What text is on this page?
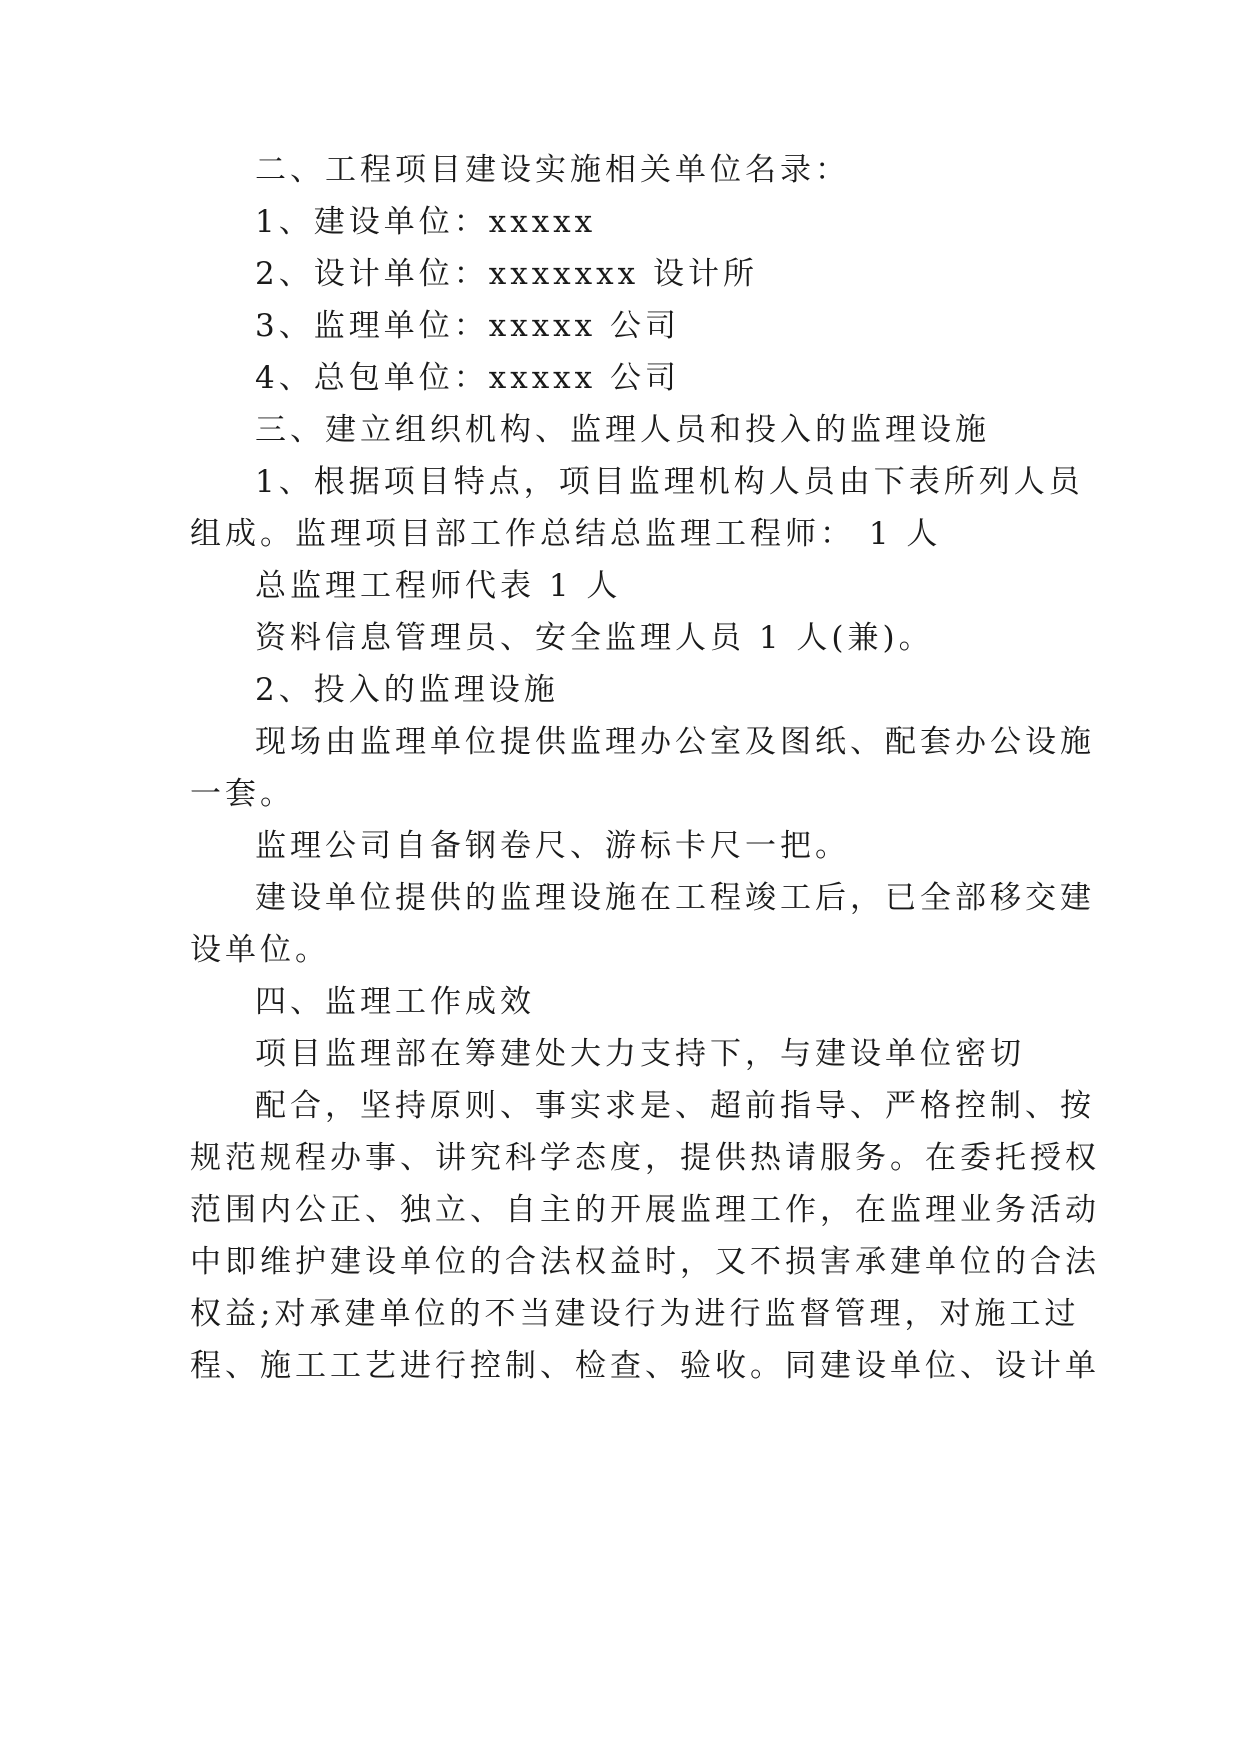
二、工程项目建设实施相关单位名录：

1、建设单位：xxxxx

2、设计单位：xxxxxxx 设计所

3、监理单位：xxxxx 公司

4、总包单位：xxxxx 公司

三、建立组织机构、监理人员和投入的监理设施

1、根据项目特点，项目监理机构人员由下表所列人员

组成。监理项目部工作总结总监理工程师： 1 人

总监理工程师代表 1 人

资料信息管理员、安全监理人员 1 人(兼)。

2、投入的监理设施

现场由监理单位提供监理办公室及图纸、配套办公设施

一套。

监理公司自备钢卷尺、游标卡尺一把。

建设单位提供的监理设施在工程竣工后，已全部移交建

设单位。

四、监理工作成效

项目监理部在筹建处大力支持下，与建设单位密切

配合，坚持原则、事实求是、超前指导、严格控制、按

规范规程办事、讲究科学态度，提供热请服务。在委托授权

范围内公正、独立、自主的开展监理工作，在监理业务活动

中即维护建设单位的合法权益时，又不损害承建单位的合法

权益;对承建单位的不当建设行为进行监督管理，对施工过

程、施工工艺进行控制、检查、验收。同建设单位、设计单
